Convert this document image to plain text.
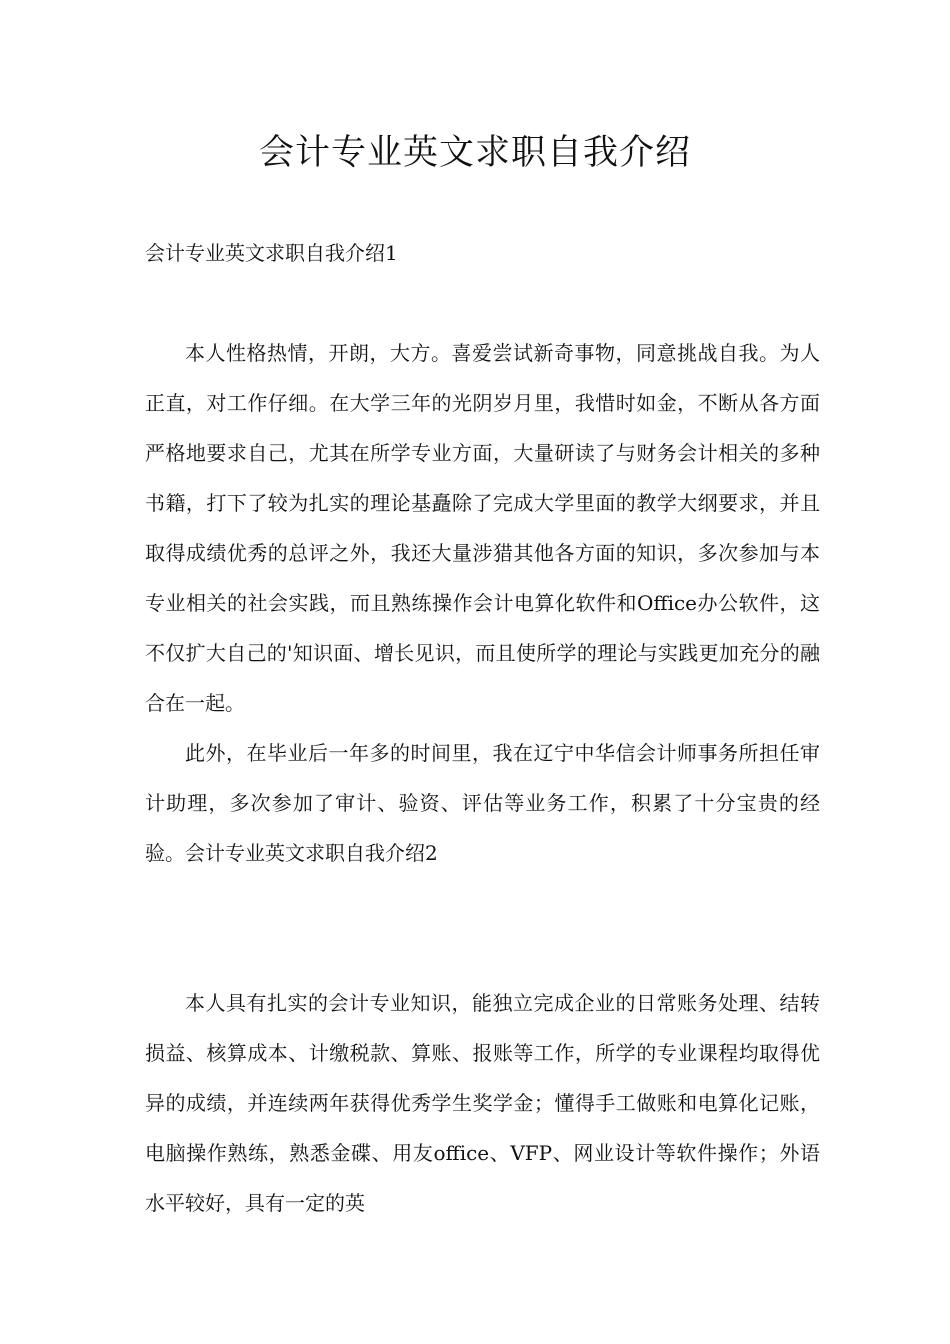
会计专业英文求职自我介绍
会计专业英文求职自我介绍1

本人性格热情，开朗，大方。喜爱尝试新奇事物，同意挑战自我。为人正直，对工作仔细。在大学三年的光阴岁月里，我惜时如金，不断从各方面严格地要求自己，尤其在所学专业方面，大量研读了与财务会计相关的多种书籍，打下了较为扎实的理论基矗除了完成大学里面的教学大纲要求，并且取得成绩优秀的总评之外，我还大量涉猎其他各方面的知识，多次参加与本专业相关的社会实践，而且熟练操作会计电算化软件和Office办公软件，这不仅扩大自己的'知识面、增长见识，而且使所学的理论与实践更加充分的融合在一起。

此外，在毕业后一年多的时间里，我在辽宁中华信会计师事务所担任审计助理，多次参加了审计、验资、评估等业务工作，积累了十分宝贵的经验。会计专业英文求职自我介绍2

本人具有扎实的会计专业知识，能独立完成企业的日常账务处理、结转损益、核算成本、计缴税款、算账、报账等工作，所学的专业课程均取得优异的成绩，并连续两年获得优秀学生奖学金；懂得手工做账和电算化记账，电脑操作熟练，熟悉金碟、用友office、VFP、网业设计等软件操作；外语水平较好，具有一定的英
